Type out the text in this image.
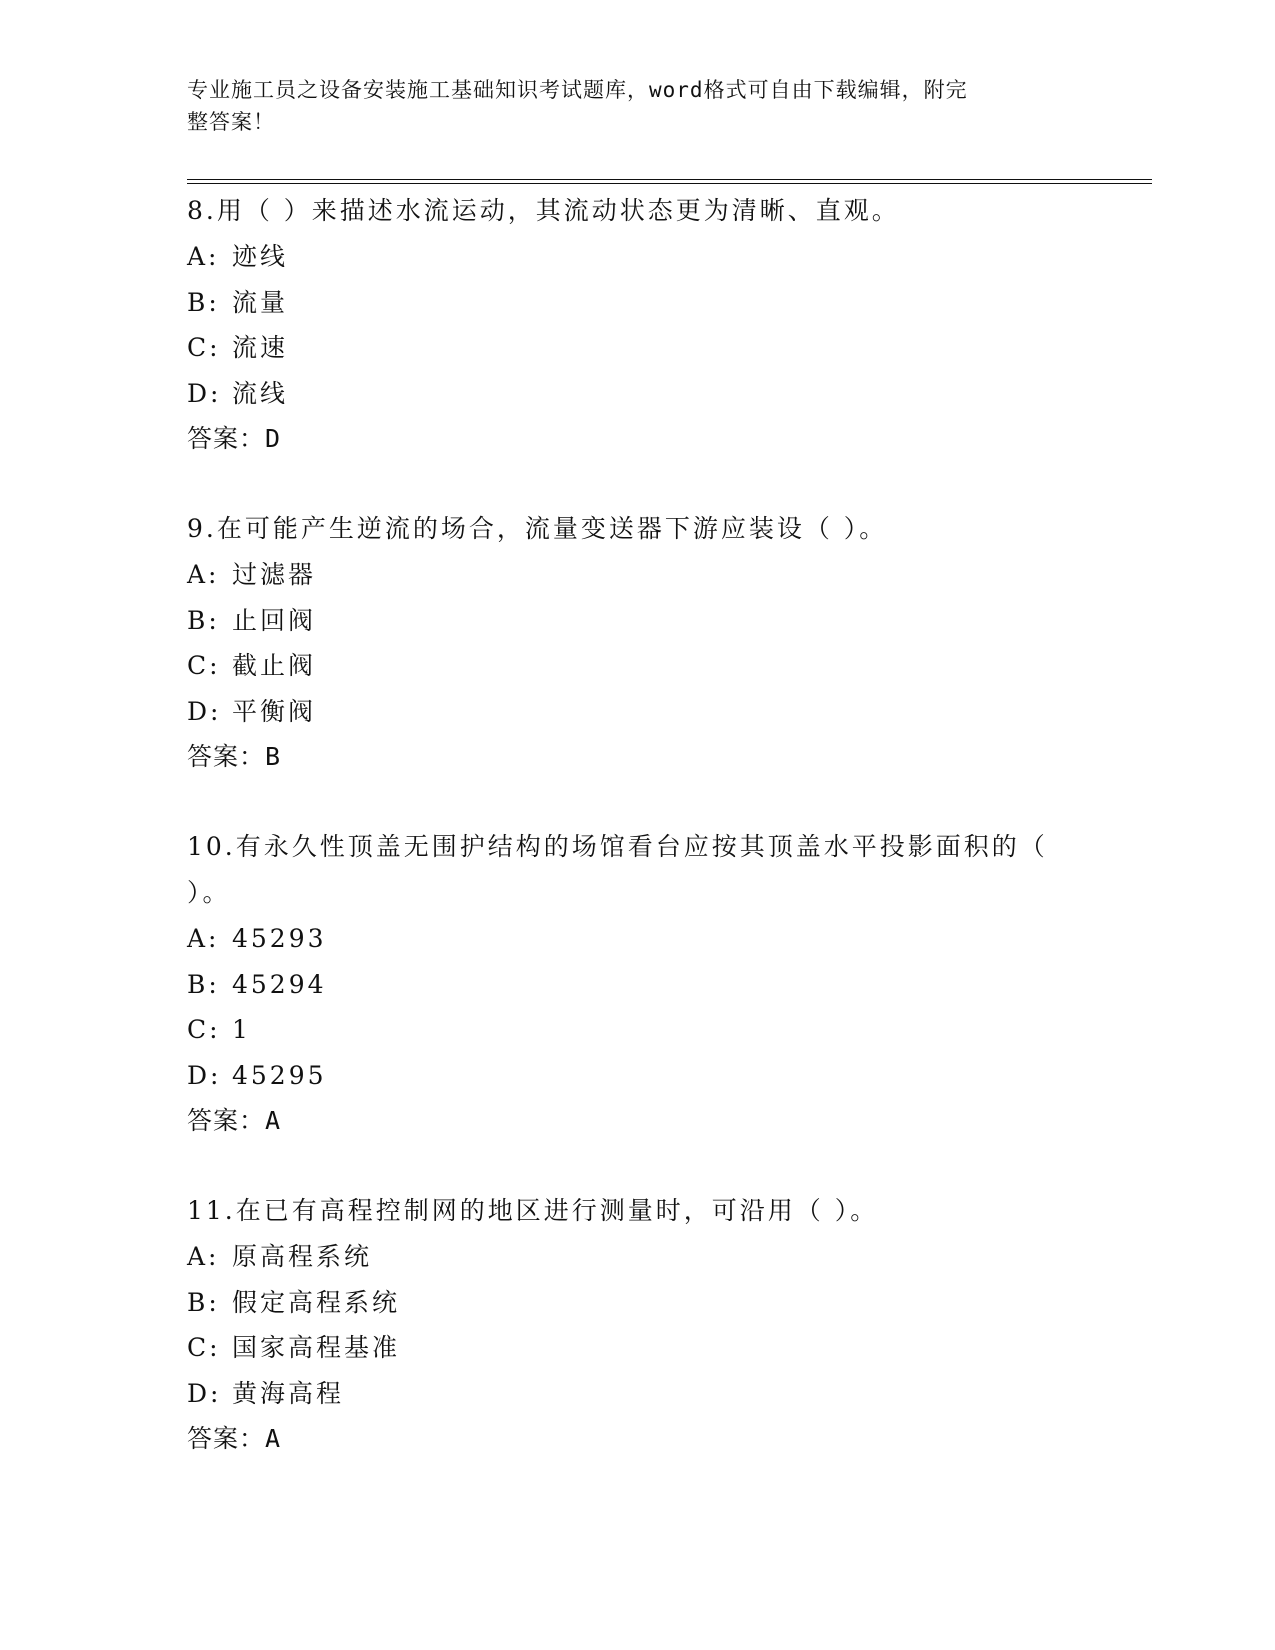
专业施工员之设备安装施工基础知识考试题库，word格式可自由下载编辑，附完
整答案！

8.用（ ）来描述水流运动，其流动状态更为清晰、直观。

A: 迹线

B: 流量

C: 流速

D: 流线

答案：D

9.在可能产生逆流的场合，流量变送器下游应装设（ ）。

A: 过滤器

B: 止回阀

C: 截止阀

D: 平衡阀

答案：B

10.有永久性顶盖无围护结构的场馆看台应按其顶盖水平投影面积的（

）。

A: 45293

B: 45294

C: 1

D: 45295

答案：A

11.在已有高程控制网的地区进行测量时，可沿用（ ）。

A: 原高程系统

B: 假定高程系统

C: 国家高程基准

D: 黄海高程

答案：A
